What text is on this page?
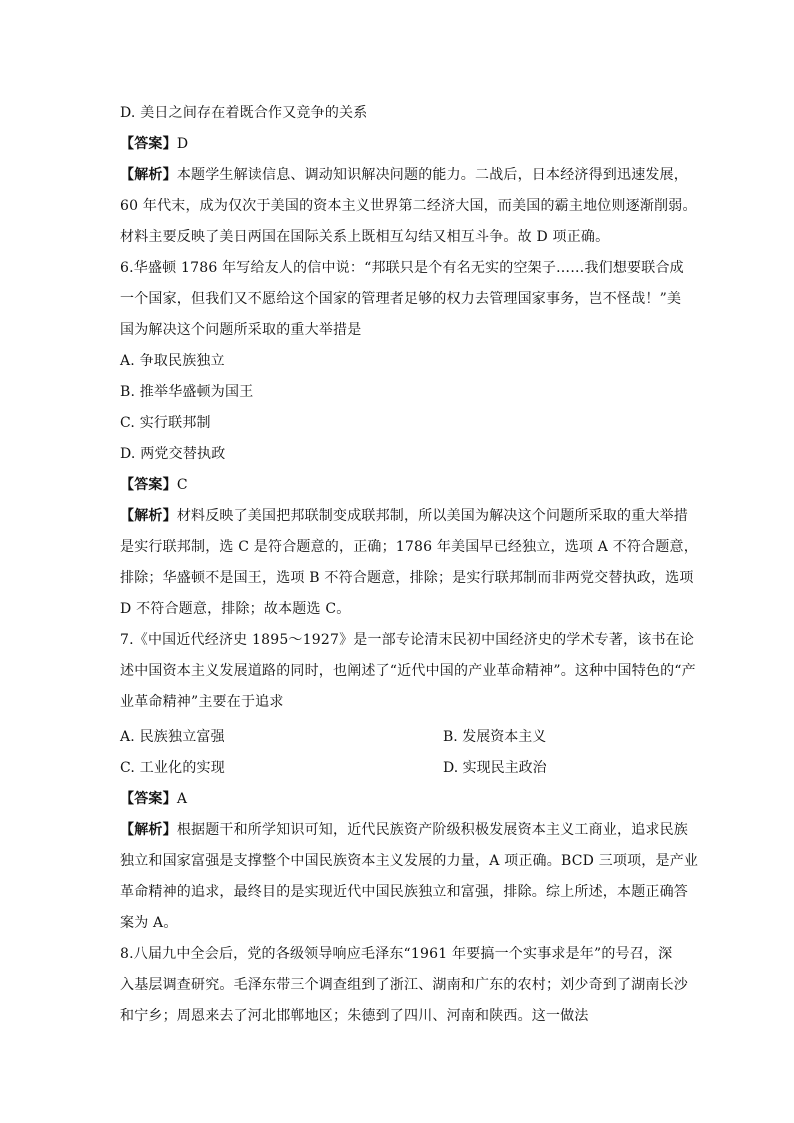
D. 美日之间存在着既合作又竞争的关系
【答案】D
【解析】本题学生解读信息、调动知识解决问题的能力。二战后，日本经济得到迅速发展，
60 年代末，成为仅次于美国的资本主义世界第二经济大国，而美国的霸主地位则逐渐削弱。
材料主要反映了美日两国在国际关系上既相互勾结又相互斗争。故 D 项正确。
6.华盛顿 1786 年写给友人的信中说：“邦联只是个有名无实的空架子……我们想要联合成
一个国家，但我们又不愿给这个国家的管理者足够的权力去管理国家事务，岂不怪哉！”美
国为解决这个问题所采取的重大举措是
A. 争取民族独立
B. 推举华盛顿为国王
C. 实行联邦制
D. 两党交替执政
【答案】C
【解析】材料反映了美国把邦联制变成联邦制，所以美国为解决这个问题所采取的重大举措
是实行联邦制，选 C 是符合题意的，正确；1786 年美国早已经独立，选项 A 不符合题意，
排除；华盛顿不是国王，选项 B 不符合题意，排除；是实行联邦制而非两党交替执政，选项
D 不符合题意，排除；故本题选 C。
7.《中国近代经济史 1895～1927》是一部专论清末民初中国经济史的学术专著，该书在论
述中国资本主义发展道路的同时，也阐述了“近代中国的产业革命精神”。这种中国特色的“产
业革命精神”主要在于追求
A. 民族独立富强	B. 发展资本主义
C. 工业化的实现	D. 实现民主政治
【答案】A
【解析】根据题干和所学知识可知，近代民族资产阶级积极发展资本主义工商业，追求民族
独立和国家富强是支撑整个中国民族资本主义发展的力量，A 项正确。BCD 三项项，是产业
革命精神的追求，最终目的是实现近代中国民族独立和富强，排除。综上所述，本题正确答
案为 A。
8.八届九中全会后，党的各级领导响应毛泽东“1961 年要搞一个实事求是年”的号召，深
入基层调查研究。毛泽东带三个调查组到了浙江、湖南和广东的农村；刘少奇到了湖南长沙
和宁乡；周恩来去了河北邯郸地区；朱德到了四川、河南和陕西。这一做法
